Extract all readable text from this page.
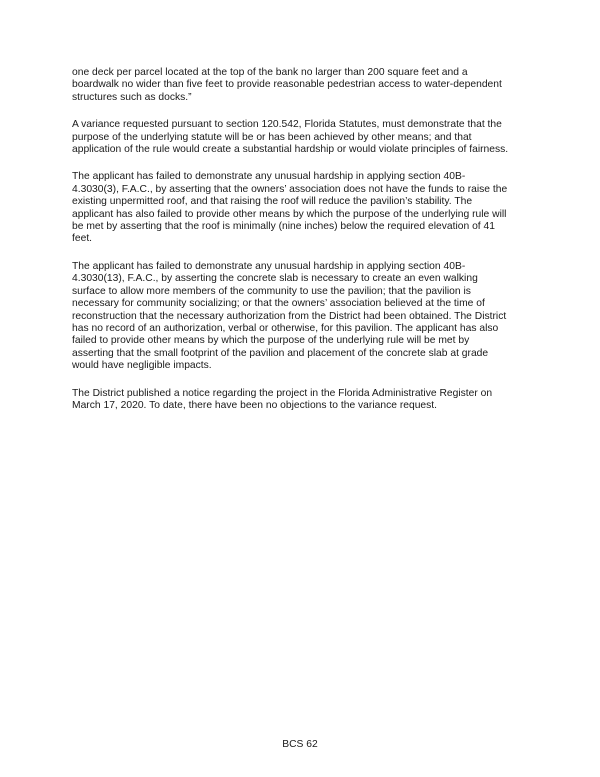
one deck per parcel located at the top of the bank no larger than 200 square feet and a
boardwalk no wider than five feet to provide reasonable pedestrian access to water-dependent
structures such as docks.”

A variance requested pursuant to section 120.542, Florida Statutes, must demonstrate that the
purpose of the underlying statute will be or has been achieved by other means; and that
application of the rule would create a substantial hardship or would violate principles of fairness.

The applicant has failed to demonstrate any unusual hardship in applying section 40B-
4.3030(3), F.A.C., by asserting that the owners’ association does not have the funds to raise the
existing unpermitted roof, and that raising the roof will reduce the pavilion’s stability. The
applicant has also failed to provide other means by which the purpose of the underlying rule will
be met by asserting that the roof is minimally (nine inches) below the required elevation of 41
feet.

The applicant has failed to demonstrate any unusual hardship in applying section 40B-
4.3030(13), F.A.C., by asserting the concrete slab is necessary to create an even walking
surface to allow more members of the community to use the pavilion; that the pavilion is
necessary for community socializing; or that the owners’ association believed at the time of
reconstruction that the necessary authorization from the District had been obtained. The District
has no record of an authorization, verbal or otherwise, for this pavilion. The applicant has also
failed to provide other means by which the purpose of the underlying rule will be met by
asserting that the small footprint of the pavilion and placement of the concrete slab at grade
would have negligible impacts.

The District published a notice regarding the project in the Florida Administrative Register on
March 17, 2020. To date, there have been no objections to the variance request.

BCS 62
